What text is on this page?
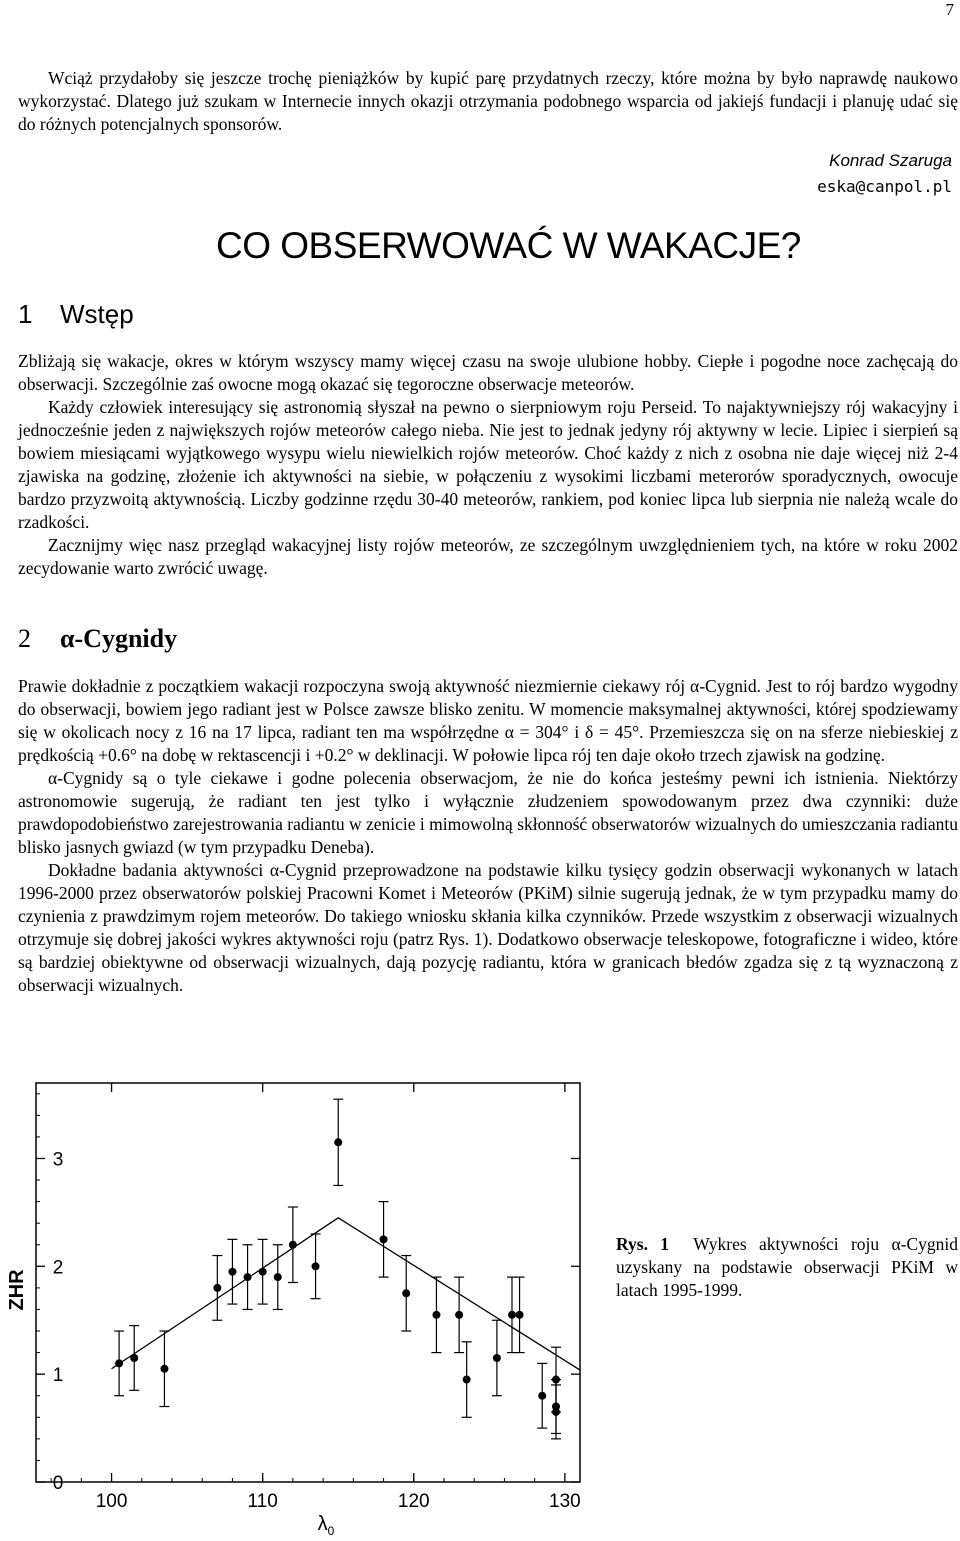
7

Wciąż przydałoby się jeszcze trochę pieniążków by kupić parę przydatnych rzeczy, które można by było naprawdę naukowo wykorzystać. Dlatego już szukam w Internecie innych okazji otrzymania podobnego wsparcia od jakiejś fundacji i planuję udać się do różnych potencjalnych sponsorów.

Konrad Szaruga
eska@canpol.pl
CO OBSERWOWAĆ W WAKACJE?
1 Wstęp

Zbliżają się wakacje, okres w którym wszyscy mamy więcej czasu na swoje ulubione hobby. Ciepłe i pogodne noce zachęcają do obserwacji. Szczególnie zaś owocne mogą okazać się tegoroczne obserwacje meteorów.

Każdy człowiek interesujący się astronomią słyszał na pewno o sierpniowym roju Perseid. To najaktywniejszy rój wakacyjny i jednocześnie jeden z największych rojów meteorów całego nieba. Nie jest to jednak jedyny rój aktywny w lecie. Lipiec i sierpień są bowiem miesiącami wyjątkowego wysypu wielu niewielkich rojów meteorów. Choć każdy z nich z osobna nie daje więcej niż 2-4 zjawiska na godzinę, złożenie ich aktywności na siebie, w połączeniu z wysokimi liczbami meterorów sporadycznych, owocuje bardzo przyzwoitą aktywnością. Liczby godzinne rzędu 30-40 meteorów, rankiem, pod koniec lipca lub sierpnia nie należą wcale do rzadkości.

Zacznijmy więc nasz przegląd wakacyjnej listy rojów meteorów, ze szczególnym uwzględnieniem tych, na które w roku 2002 zecydowanie warto zwrócić uwagę.

2 α-Cygnidy

Prawie dokładnie z początkiem wakacji rozpoczyna swoją aktywność niezmiernie ciekawy rój α-Cygnid. Jest to rój bardzo wygodny do obserwacji, bowiem jego radiant jest w Polsce zawsze blisko zenitu. W momencie maksymalnej aktywności, której spodziewamy się w okolicach nocy z 16 na 17 lipca, radiant ten ma współrzędne α = 304° i δ = 45°. Przemieszcza się on na sferze niebieskiej z prędkością +0.6° na dobę w rektascencji i +0.2° w deklinacji. W połowie lipca rój ten daje około trzech zjawisk na godzinę.

α-Cygnidy są o tyle ciekawe i godne polecenia obserwacjom, że nie do końca jesteśmy pewni ich istnienia. Niektórzy astronomowie sugerują, że radiant ten jest tylko i wyłącznie złudzeniem spowodowanym przez dwa czynniki: duże prawdopodobieństwo zarejestrowania radiantu w zenicie i mimowolną skłonność obserwatorów wizualnych do umieszczania radiantu blisko jasnych gwiazd (w tym przypadku Deneba).

Dokładne badania aktywności α-Cygnid przeprowadzone na podstawie kilku tysięcy godzin obserwacji wykonanych w latach 1996-2000 przez obserwatorów polskiej Pracowni Komet i Meteorów (PKiM) silnie sugerują jednak, że w tym przypadku mamy do czynienia z prawdzimym rojem meteorów. Do takiego wniosku skłania kilka czynników. Przede wszystkim z obserwacji wizualnych otrzymuje się dobrej jakości wykres aktywności roju (patrz Rys. 1). Dodatkowo obserwacje teleskopowe, fotograficzne i wideo, które są bardziej obiektywne od obserwacji wizualnych, dają pozycję radiantu, która w granicach błedów zgadza się z tą wyznaczoną z obserwacji wizualnych.

100	110	120	130
0
1
2
3
ZHR
$\lambda_0$
Rys. 1 Wykres aktywności roju α-Cygnid uzyskany na podstawie obserwacji PKiM w latach 1995-1999.
